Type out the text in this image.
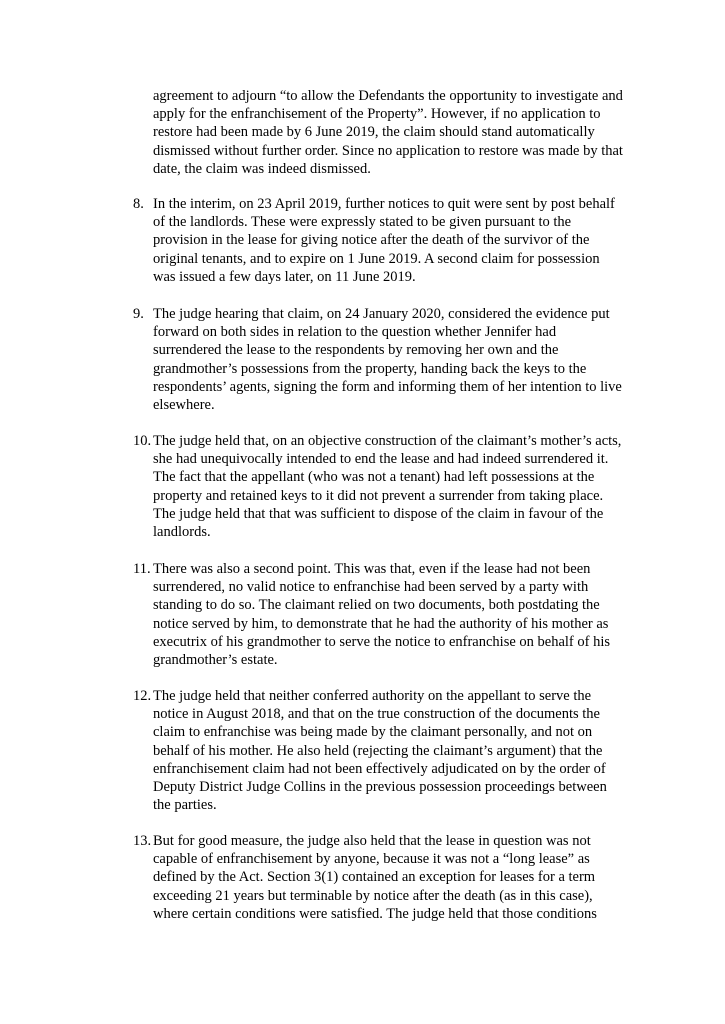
agreement to adjourn “to allow the Defendants the opportunity to investigate and apply for the enfranchisement of the Property”. However, if no application to restore had been made by 6 June 2019, the claim should stand automatically dismissed without further order. Since no application to restore was made by that date, the claim was indeed dismissed.

8. In the interim, on 23 April 2019, further notices to quit were sent by post behalf of the landlords. These were expressly stated to be given pursuant to the provision in the lease for giving notice after the death of the survivor of the original tenants, and to expire on 1 June 2019. A second claim for possession was issued a few days later, on 11 June 2019.

9. The judge hearing that claim, on 24 January 2020, considered the evidence put forward on both sides in relation to the question whether Jennifer had surrendered the lease to the respondents by removing her own and the grandmother’s possessions from the property, handing back the keys to the respondents’ agents, signing the form and informing them of her intention to live elsewhere.

10. The judge held that, on an objective construction of the claimant’s mother’s acts, she had unequivocally intended to end the lease and had indeed surrendered it. The fact that the appellant (who was not a tenant) had left possessions at the property and retained keys to it did not prevent a surrender from taking place. The judge held that that was sufficient to dispose of the claim in favour of the landlords.

11. There was also a second point. This was that, even if the lease had not been surrendered, no valid notice to enfranchise had been served by a party with standing to do so. The claimant relied on two documents, both postdating the notice served by him, to demonstrate that he had the authority of his mother as executrix of his grandmother to serve the notice to enfranchise on behalf of his grandmother’s estate.

12. The judge held that neither conferred authority on the appellant to serve the notice in August 2018, and that on the true construction of the documents the claim to enfranchise was being made by the claimant personally, and not on behalf of his mother. He also held (rejecting the claimant’s argument) that the enfranchisement claim had not been effectively adjudicated on by the order of Deputy District Judge Collins in the previous possession proceedings between the parties.

13. But for good measure, the judge also held that the lease in question was not capable of enfranchisement by anyone, because it was not a “long lease” as defined by the Act. Section 3(1) contained an exception for leases for a term exceeding 21 years but terminable by notice after the death (as in this case), where certain conditions were satisfied. The judge held that those conditions
